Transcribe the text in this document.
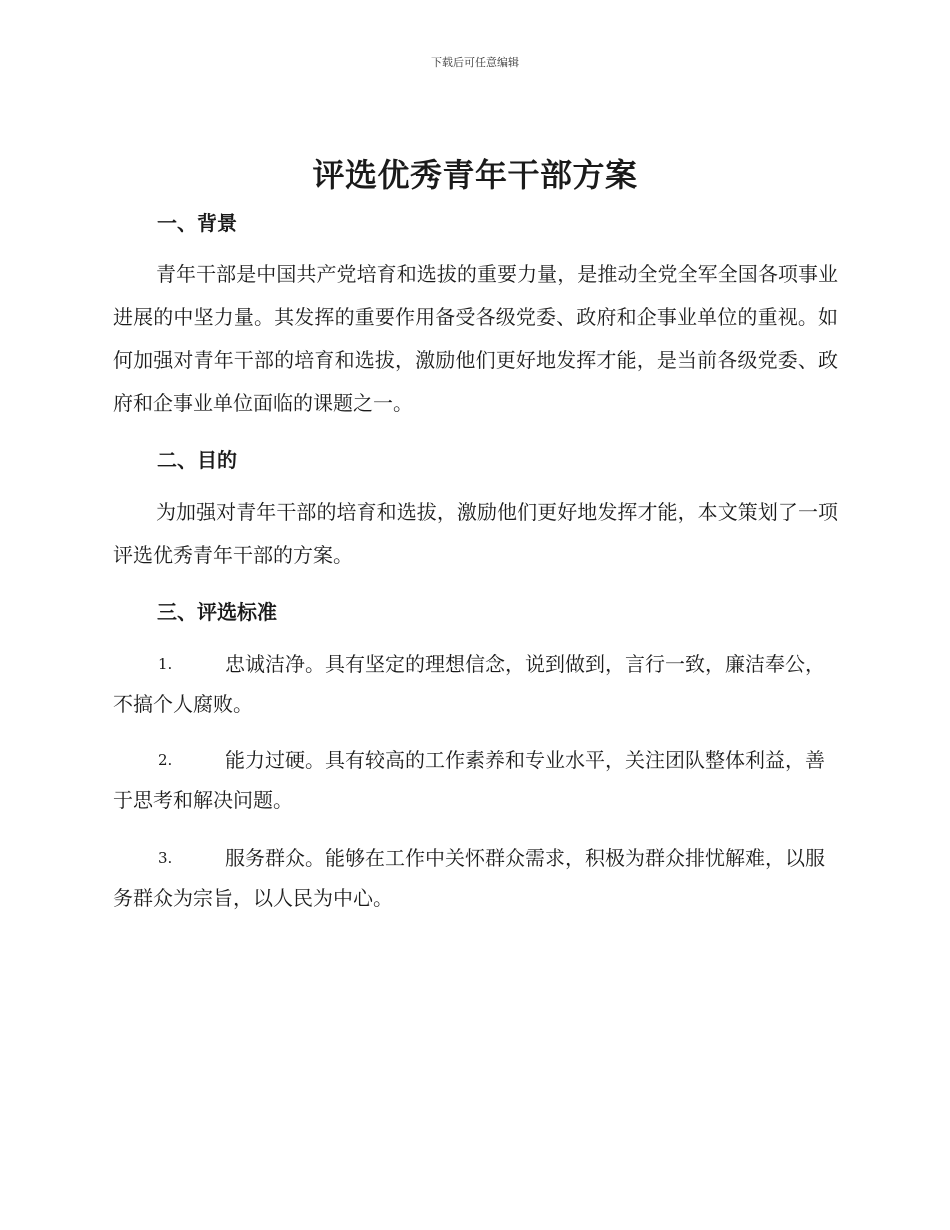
下载后可任意编辑
评选优秀青年干部方案
一、背景
青年干部是中国共产党培育和选拔的重要力量，是推动全党全军全国各项事业进展的中坚力量。其发挥的重要作用备受各级党委、政府和企事业单位的重视。如何加强对青年干部的培育和选拔，激励他们更好地发挥才能，是当前各级党委、政府和企事业单位面临的课题之一。
二、目的
为加强对青年干部的培育和选拔，激励他们更好地发挥才能，本文策划了一项评选优秀青年干部的方案。
三、评选标准
1.	忠诚洁净。具有坚定的理想信念，说到做到，言行一致，廉洁奉公，不搞个人腐败。
2.	能力过硬。具有较高的工作素养和专业水平，关注团队整体利益，善于思考和解决问题。
3.	服务群众。能够在工作中关怀群众需求，积极为群众排忧解难，以服务群众为宗旨，以人民为中心。
